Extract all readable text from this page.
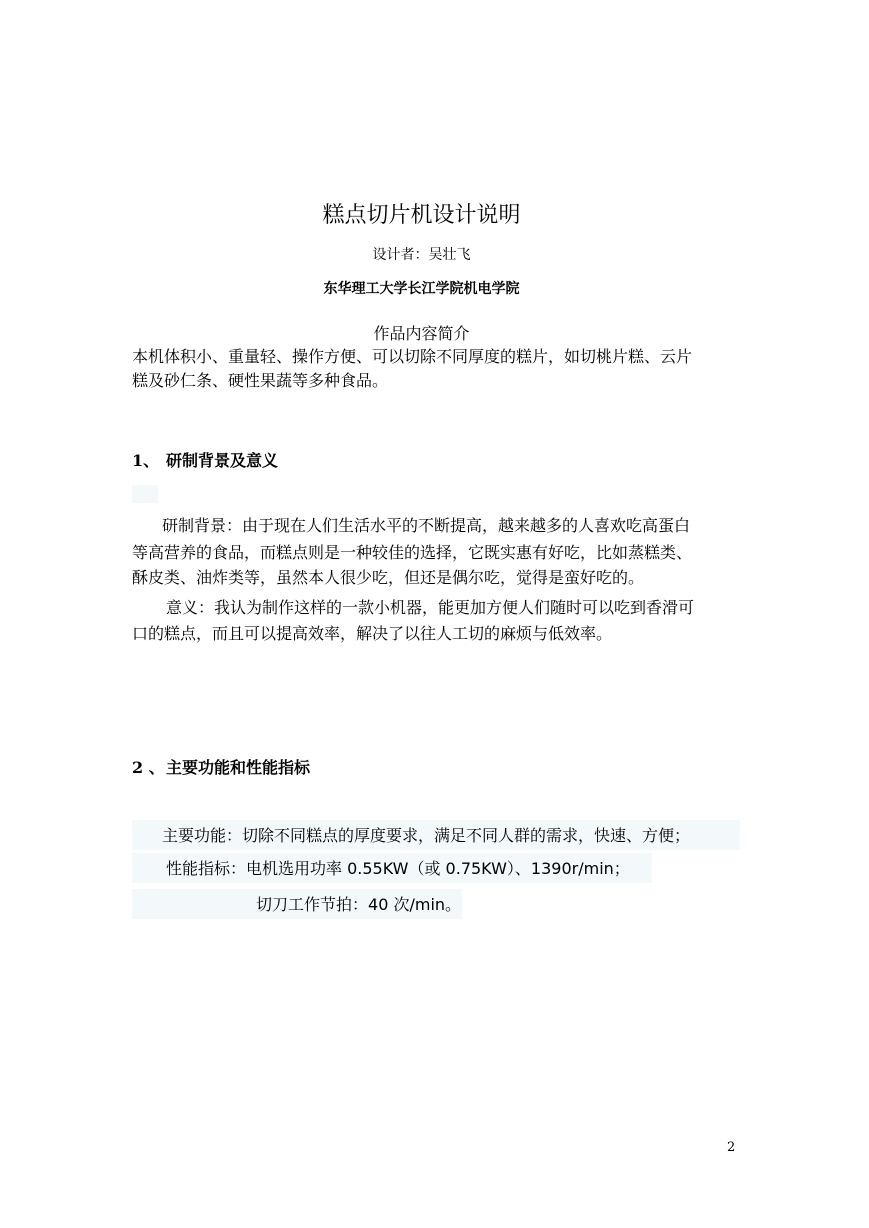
糕点切片机设计说明
设计者：吴壮飞
东华理工大学长江学院机电学院
作品内容简介
本机体积小、重量轻、操作方便、可以切除不同厚度的糕片，如切桃片糕、云片
糕及砂仁条、硬性果蔬等多种食品。
1、 研制背景及意义
研制背景：由于现在人们生活水平的不断提高，越来越多的人喜欢吃高蛋白
等高营养的食品，而糕点则是一种较佳的选择，它既实惠有好吃，比如蒸糕类、
酥皮类、油炸类等，虽然本人很少吃，但还是偶尔吃，觉得是蛮好吃的。
意义：我认为制作这样的一款小机器，能更加方便人们随时可以吃到香滑可
口的糕点，而且可以提高效率，解决了以往人工切的麻烦与低效率。
2 、主要功能和性能指标
主要功能：切除不同糕点的厚度要求，满足不同人群的需求，快速、方便；
性能指标：电机选用功率 0.55KW（或 0.75KW）、1390r/min；
切刀工作节拍：40 次/min。
2
